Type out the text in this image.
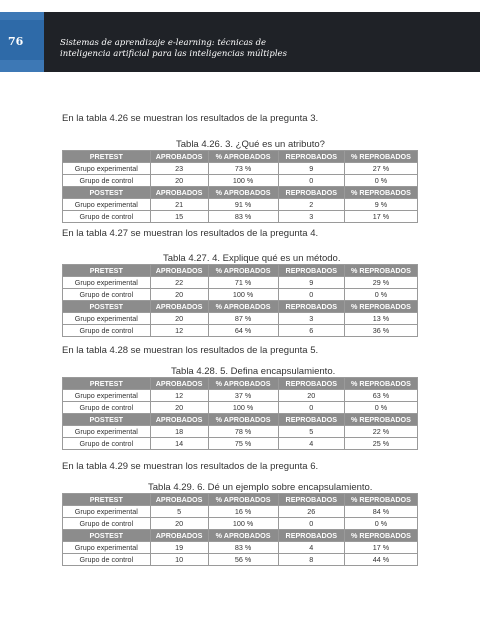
76	Sistemas de aprendizaje e-learning: técnicas de
inteligencia artificial para las inteligencias múltiples
En la tabla 4.26 se muestran los resultados de la pregunta 3.
Tabla 4.26. 3. ¿Qué es un atributo?
PRETEST	APROBADOS	% APROBADOS	REPROBADOS	% REPROBADOS
Grupo experimental	23	73 %	9	27 %
Grupo de control	20	100 %	0	0 %
POSTEST	APROBADOS	% APROBADOS	REPROBADOS	% REPROBADOS
Grupo experimental	21	91 %	2	9 %
Grupo de control	15	83 %	3	17 %
En la tabla 4.27 se muestran los resultados de la pregunta 4.
Tabla 4.27. 4. Explique qué es un método.
PRETEST	APROBADOS	% APROBADOS	REPROBADOS	% REPROBADOS
Grupo experimental	22	71 %	9	29 %
Grupo de control	20	100 %	0	0 %
POSTEST	APROBADOS	% APROBADOS	REPROBADOS	% REPROBADOS
Grupo experimental	20	87 %	3	13 %
Grupo de control	12	64 %	6	36 %
En la tabla 4.28 se muestran los resultados de la pregunta 5.
Tabla 4.28. 5. Defina encapsulamiento.
PRETEST	APROBADOS	% APROBADOS	REPROBADOS	% REPROBADOS
Grupo experimental	12	37 %	20	63 %
Grupo de control	20	100 %	0	0 %
POSTEST	APROBADOS	% APROBADOS	REPROBADOS	% REPROBADOS
Grupo experimental	18	78 %	5	22 %
Grupo de control	14	75 %	4	25 %
En la tabla 4.29 se muestran los resultados de la pregunta 6.
Tabla 4.29. 6. Dé un ejemplo sobre encapsulamiento.
PRETEST	APROBADOS	% APROBADOS	REPROBADOS	% REPROBADOS
Grupo experimental	5	16 %	26	84 %
Grupo de control	20	100 %	0	0 %
POSTEST	APROBADOS	% APROBADOS	REPROBADOS	% REPROBADOS
Grupo experimental	19	83 %	4	17 %
Grupo de control	10	56 %	8	44 %
